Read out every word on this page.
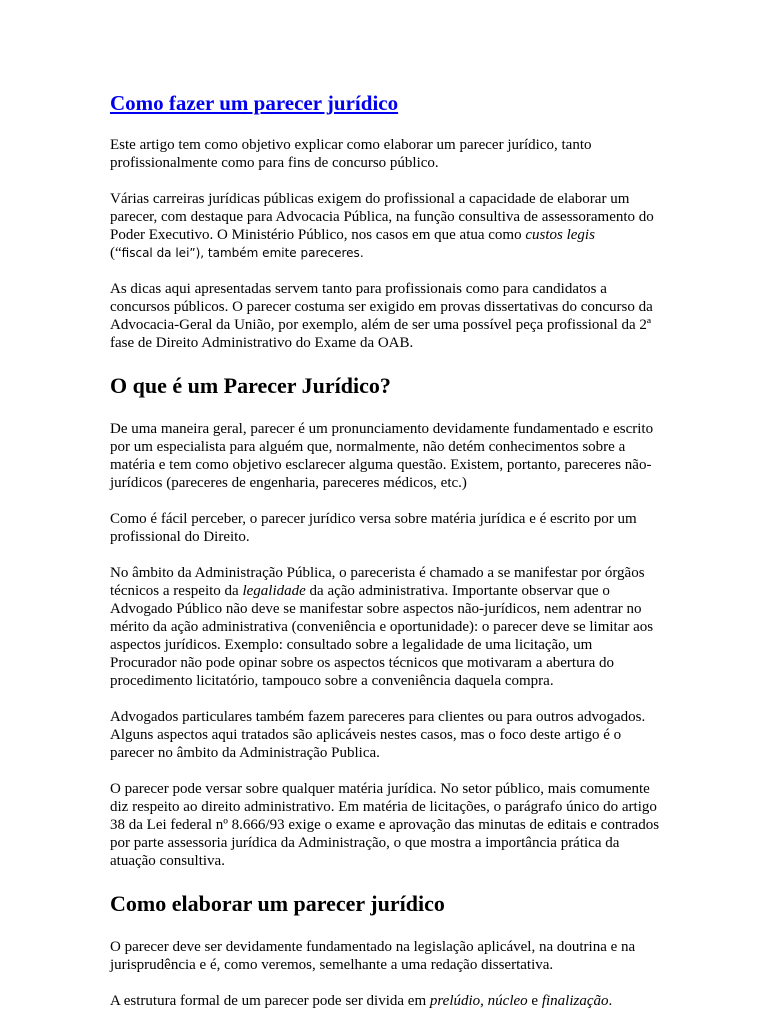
Como fazer um parecer jurídico

Este artigo tem como objetivo explicar como elaborar um parecer jurídico, tanto profissionalmente como para fins de concurso público.

Várias carreiras jurídicas públicas exigem do profissional a capacidade de elaborar um parecer, com destaque para Advocacia Pública, na função consultiva de assessoramento do Poder Executivo. O Ministério Público, nos casos em que atua como custos legis
(“fiscal da lei”), também emite pareceres.

As dicas aqui apresentadas servem tanto para profissionais como para candidatos a concursos públicos. O parecer costuma ser exigido em provas dissertativas do concurso da Advocacia-Geral da União, por exemplo, além de ser uma possível peça profissional da 2ª fase de Direito Administrativo do Exame da OAB.

O que é um Parecer Jurídico?

De uma maneira geral, parecer é um pronunciamento devidamente fundamentado e escrito por um especialista para alguém que, normalmente, não detém conhecimentos sobre a matéria e tem como objetivo esclarecer alguma questão. Existem, portanto, pareceres não-jurídicos (pareceres de engenharia, pareceres médicos, etc.)

Como é fácil perceber, o parecer jurídico versa sobre matéria jurídica e é escrito por um profissional do Direito.

No âmbito da Administração Pública, o parecerista é chamado a se manifestar por órgãos técnicos a respeito da legalidade da ação administrativa. Importante observar que o Advogado Público não deve se manifestar sobre aspectos não-jurídicos, nem adentrar no mérito da ação administrativa (conveniência e oportunidade): o parecer deve se limitar aos aspectos jurídicos. Exemplo: consultado sobre a legalidade de uma licitação, um Procurador não pode opinar sobre os aspectos técnicos que motivaram a abertura do procedimento licitatório, tampouco sobre a conveniência daquela compra.

Advogados particulares também fazem pareceres para clientes ou para outros advogados. Alguns aspectos aqui tratados são aplicáveis nestes casos, mas o foco deste artigo é o parecer no âmbito da Administração Publica.

O parecer pode versar sobre qualquer matéria jurídica. No setor público, mais comumente diz respeito ao direito administrativo. Em matéria de licitações, o parágrafo único do artigo 38 da Lei federal nº 8.666/93 exige o exame e aprovação das minutas de editais e contrados por parte assessoria jurídica da Administração, o que mostra a importância prática da atuação consultiva.

Como elaborar um parecer jurídico

O parecer deve ser devidamente fundamentado na legislação aplicável, na doutrina e na jurisprudência e é, como veremos, semelhante a uma redação dissertativa.

A estrutura formal de um parecer pode ser divida em prelúdio, núcleo e finalização.
